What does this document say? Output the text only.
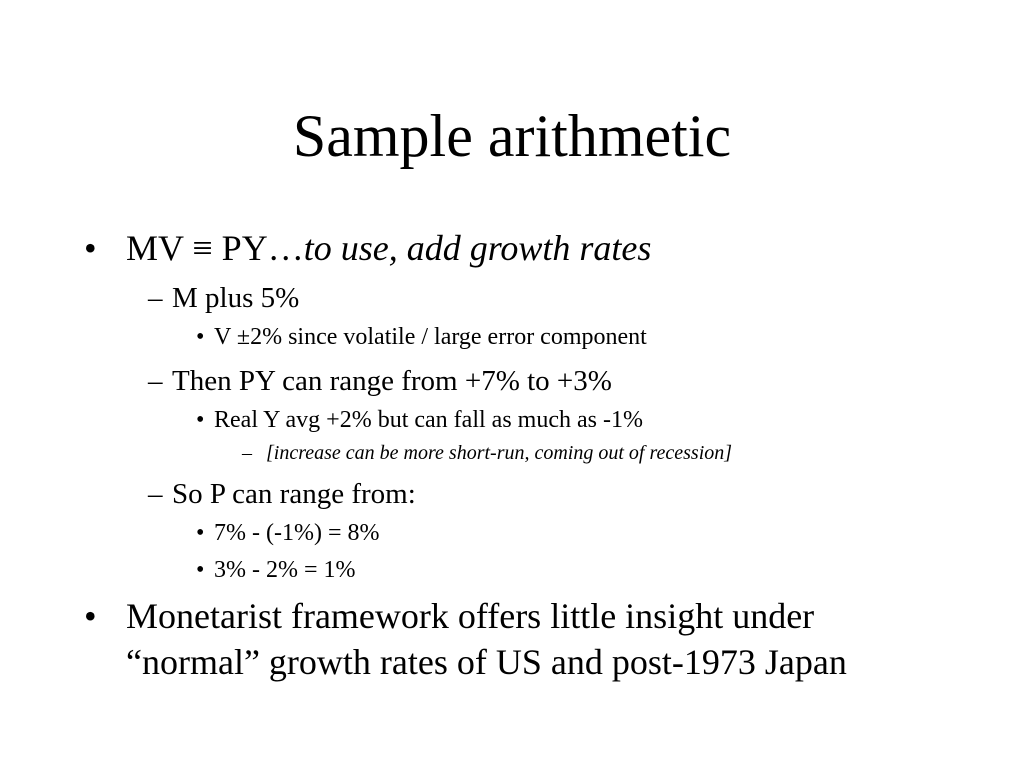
Sample arithmetic
• MV ≡ PY…to use, add growth rates
– M plus 5%
• V ±2% since volatile / large error component
– Then PY can range from +7% to +3%
• Real Y avg +2% but can fall as much as -1%
– [increase can be more short-run, coming out of recession]
– So P can range from:
• 7% - (-1%) = 8%
• 3% - 2% = 1%
• Monetarist framework offers little insight under
“normal” growth rates of US and post-1973 Japan
